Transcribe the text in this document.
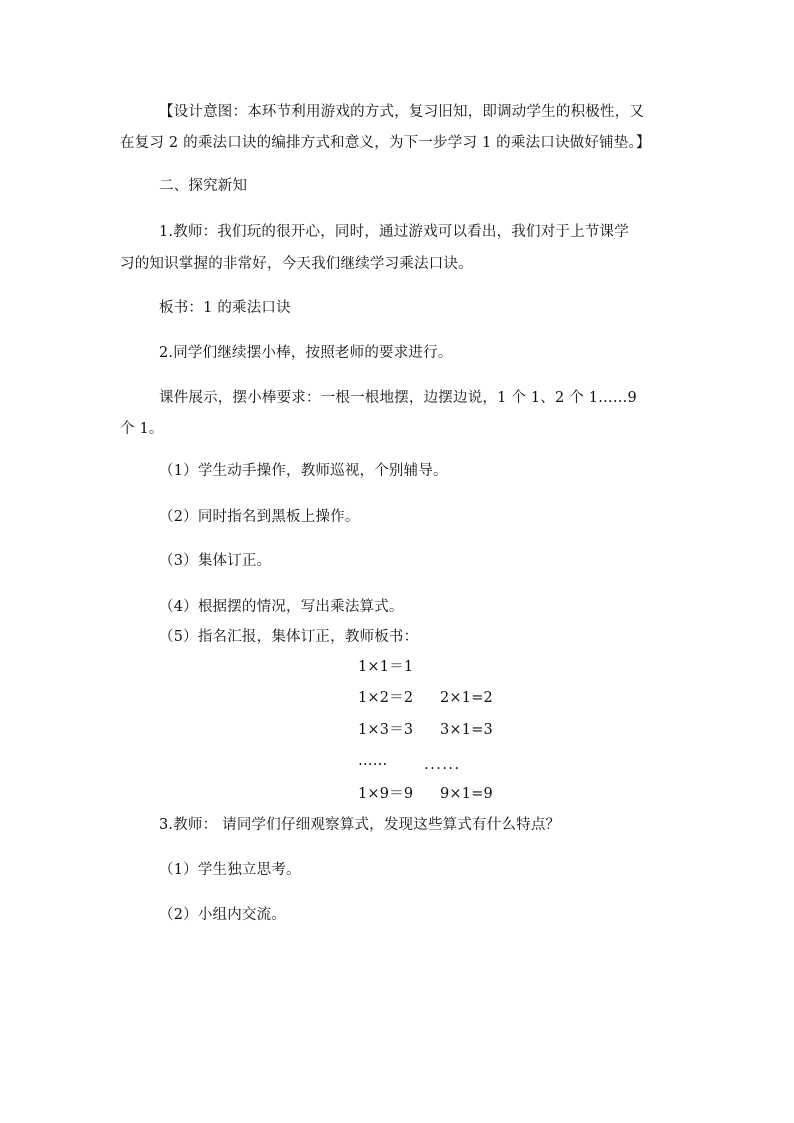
【设计意图：本环节利用游戏的方式，复习旧知，即调动学生的积极性，又
在复习 2 的乘法口诀的编排方式和意义，为下一步学习 1 的乘法口诀做好铺垫。】
二、探究新知
1.教师：我们玩的很开心，同时，通过游戏可以看出，我们对于上节课学
习的知识掌握的非常好，今天我们继续学习乘法口诀。
板书：1 的乘法口诀
2.同学们继续摆小棒，按照老师的要求进行。
课件展示，摆小棒要求：一根一根地摆，边摆边说，1 个 1、2 个 1……9
个 1。
（1）学生动手操作，教师巡视，个别辅导。
（2）同时指名到黑板上操作。
（3）集体订正。
（4）根据摆的情况，写出乘法算式。
（5）指名汇报，集体订正，教师板书：
1×1＝1
1×2＝2 2×1=2
1×3＝3 3×1=3
……	......
1×9＝9 9×1=9
3.教师： 请同学们仔细观察算式，发现这些算式有什么特点？
（1）学生独立思考。
（2）小组内交流。
